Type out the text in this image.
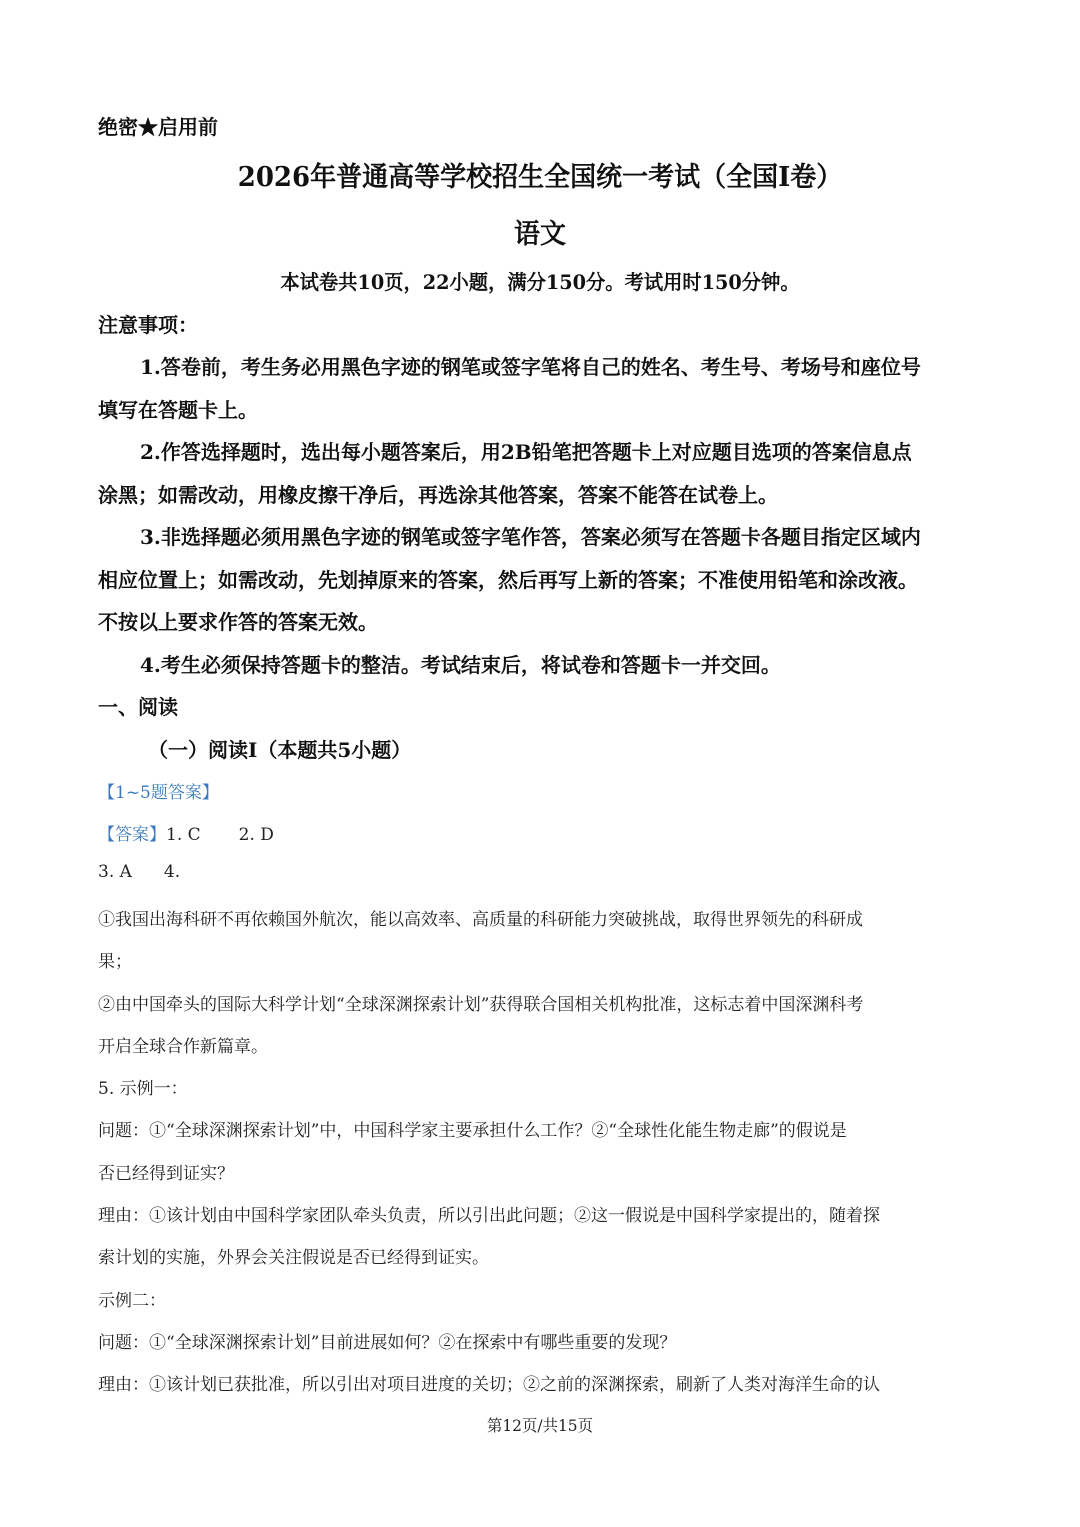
绝密★启用前
2026年普通高等学校招生全国统一考试（全国Ⅰ卷）
语文
本试卷共10页，22小题，满分150分。考试用时150分钟。
注意事项：
1.答卷前，考生务必用黑色字迹的钢笔或签字笔将自己的姓名、考生号、考场号和座位号
填写在答题卡上。
2.作答选择题时，选出每小题答案后，用2B铅笔把答题卡上对应题目选项的答案信息点
涂黑；如需改动，用橡皮擦干净后，再选涂其他答案，答案不能答在试卷上。
3.非选择题必须用黑色字迹的钢笔或签字笔作答，答案必须写在答题卡各题目指定区域内
相应位置上；如需改动，先划掉原来的答案，然后再写上新的答案；不准使用铅笔和涂改液。
不按以上要求作答的答案无效。
4.考生必须保持答题卡的整洁。考试结束后，将试卷和答题卡一并交回。
一、阅读
（一）阅读Ⅰ（本题共5小题）
【1~5题答案】
【答案】1. C 2. D
3. A 4.
①我国出海科研不再依赖国外航次，能以高效率、高质量的科研能力突破挑战，取得世界领先的科研成
果；
②由中国牵头的国际大科学计划“全球深渊探索计划”获得联合国相关机构批准，这标志着中国深渊科考
开启全球合作新篇章。
5. 示例一：
问题：①“全球深渊探索计划”中，中国科学家主要承担什么工作？②“全球性化能生物走廊”的假说是
否已经得到证实？
理由：①该计划由中国科学家团队牵头负责，所以引出此问题；②这一假说是中国科学家提出的，随着探
索计划的实施，外界会关注假说是否已经得到证实。
示例二：
问题：①“全球深渊探索计划”目前进展如何？②在探索中有哪些重要的发现？
理由：①该计划已获批准，所以引出对项目进度的关切；②之前的深渊探索，刷新了人类对海洋生命的认
第12页/共15页
